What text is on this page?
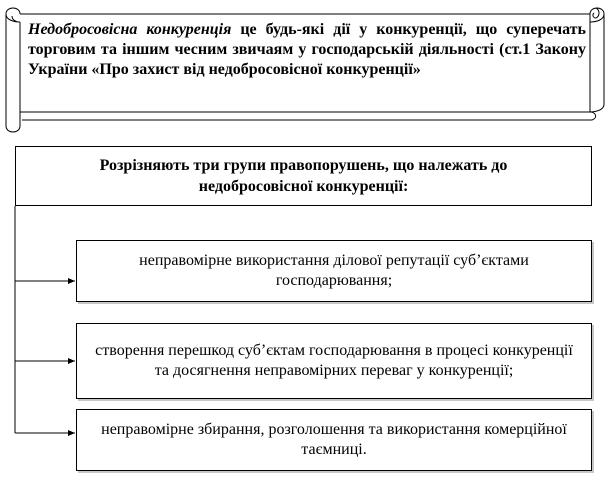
Недобросовісна конкуренція це будь-які дії у конкуренції, що суперечать торговим та іншим чесним звичаям у господарській діяльності (ст.1 Закону України «Про захист від недобросовісної конкуренції»
Розрізняють три групи правопорушень, що належать до недобросовісної конкуренції:
неправомірне використання ділової репутації суб’єктами господарювання;
створення перешкод суб’єктам господарювання в процесі конкуренції та досягнення неправомірних переваг у конкуренції;
неправомірне збирання, розголошення та використання комерційної таємниці.
